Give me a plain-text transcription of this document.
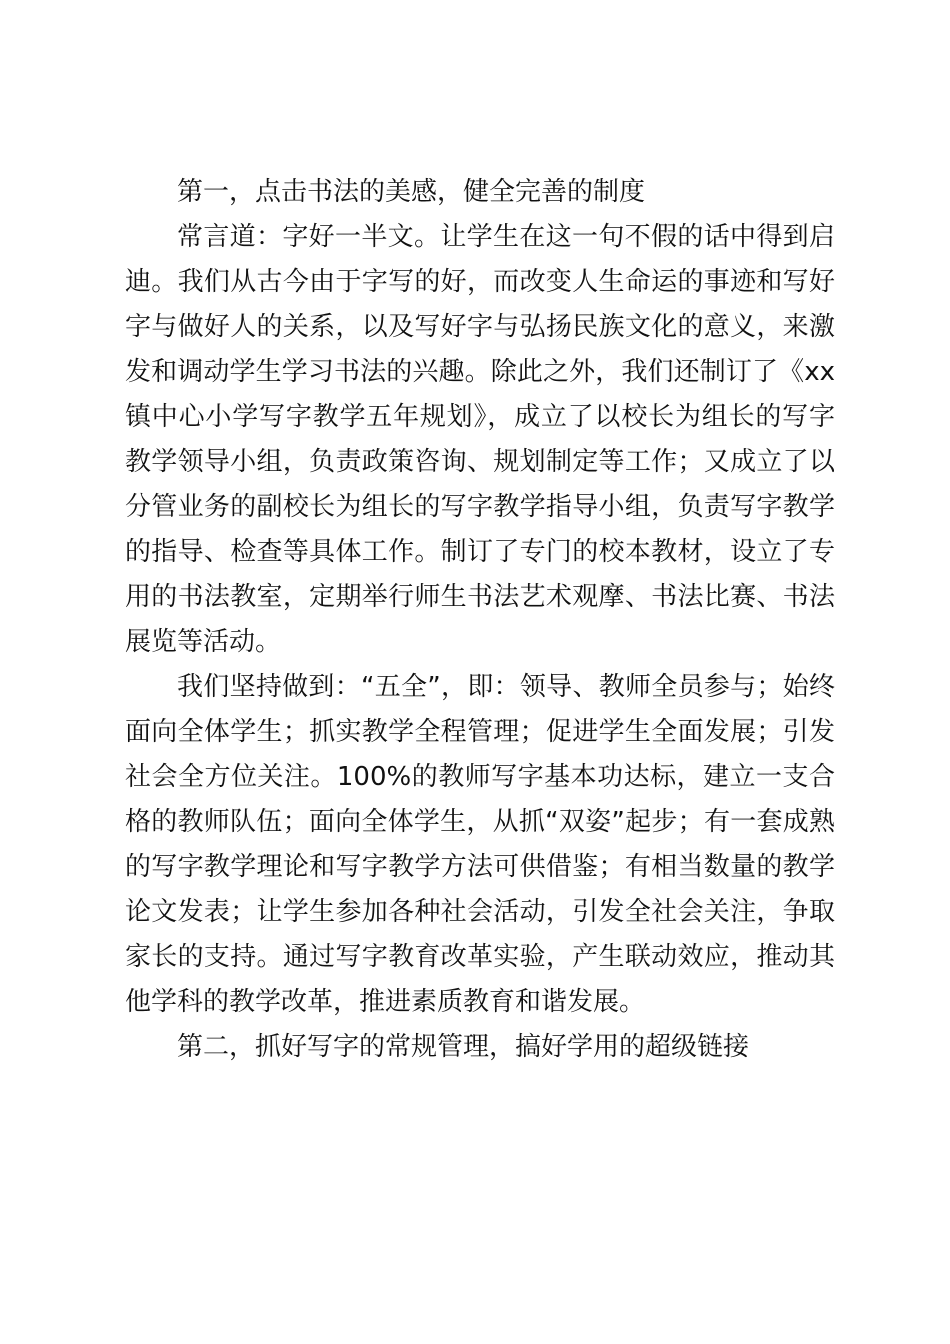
第一，点击书法的美感，健全完善的制度

常言道：字好一半文。让学生在这一句不假的话中得到启迪。我们从古今由于字写的好，而改变人生命运的事迹和写好字与做好人的关系，以及写好字与弘扬民族文化的意义，来激发和调动学生学习书法的兴趣。除此之外，我们还制订了《xx镇中心小学写字教学五年规划》，成立了以校长为组长的写字教学领导小组，负责政策咨询、规划制定等工作；又成立了以分管业务的副校长为组长的写字教学指导小组，负责写字教学的指导、检查等具体工作。制订了专门的校本教材，设立了专用的书法教室，定期举行师生书法艺术观摩、书法比赛、书法展览等活动。

我们坚持做到：“五全”，即：领导、教师全员参与；始终面向全体学生；抓实教学全程管理；促进学生全面发展；引发社会全方位关注。100%的教师写字基本功达标，建立一支合格的教师队伍；面向全体学生，从抓“双姿”起步；有一套成熟的写字教学理论和写字教学方法可供借鉴；有相当数量的教学论文发表；让学生参加各种社会活动，引发全社会关注，争取家长的支持。通过写字教育改革实验，产生联动效应，推动其他学科的教学改革，推进素质教育和谐发展。

第二，抓好写字的常规管理，搞好学用的超级链接
